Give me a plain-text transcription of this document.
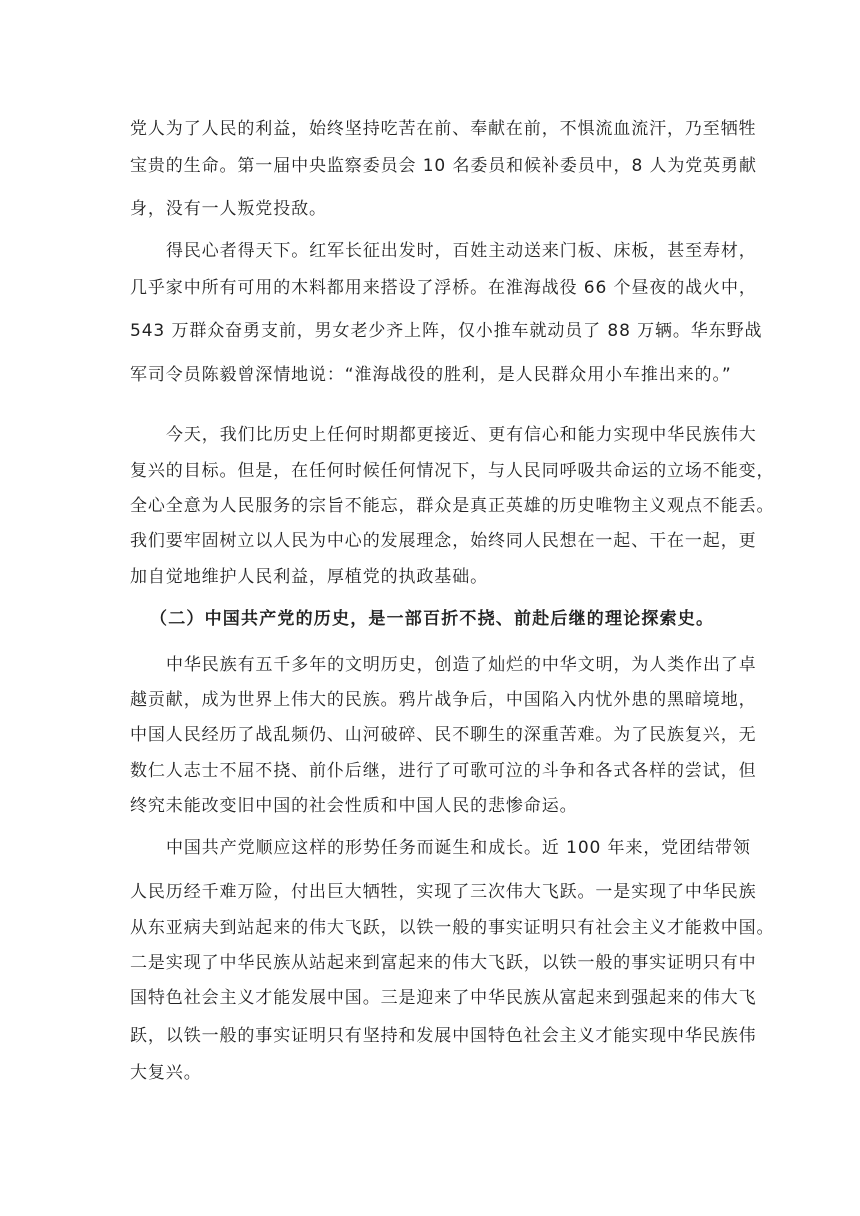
党人为了人民的利益，始终坚持吃苦在前、奉献在前，不惧流血流汗，乃至牺牲
宝贵的生命。第一届中央监察委员会 10 名委员和候补委员中，8 人为党英勇献
身，没有一人叛党投敌。
得民心者得天下。红军长征出发时，百姓主动送来门板、床板，甚至寿材，
几乎家中所有可用的木料都用来搭设了浮桥。在淮海战役 66 个昼夜的战火中，
543 万群众奋勇支前，男女老少齐上阵，仅小推车就动员了 88 万辆。华东野战
军司令员陈毅曾深情地说：“淮海战役的胜利，是人民群众用小车推出来的。”
今天，我们比历史上任何时期都更接近、更有信心和能力实现中华民族伟大
复兴的目标。但是，在任何时候任何情况下，与人民同呼吸共命运的立场不能变，
全心全意为人民服务的宗旨不能忘，群众是真正英雄的历史唯物主义观点不能丢。
我们要牢固树立以人民为中心的发展理念，始终同人民想在一起、干在一起，更
加自觉地维护人民利益，厚植党的执政基础。
（二）中国共产党的历史，是一部百折不挠、前赴后继的理论探索史。
中华民族有五千多年的文明历史，创造了灿烂的中华文明，为人类作出了卓
越贡献，成为世界上伟大的民族。鸦片战争后，中国陷入内忧外患的黑暗境地，
中国人民经历了战乱频仍、山河破碎、民不聊生的深重苦难。为了民族复兴，无
数仁人志士不屈不挠、前仆后继，进行了可歌可泣的斗争和各式各样的尝试，但
终究未能改变旧中国的社会性质和中国人民的悲惨命运。
中国共产党顺应这样的形势任务而诞生和成长。近 100 年来，党团结带领
人民历经千难万险，付出巨大牺牲，实现了三次伟大飞跃。一是实现了中华民族
从东亚病夫到站起来的伟大飞跃，以铁一般的事实证明只有社会主义才能救中国。
二是实现了中华民族从站起来到富起来的伟大飞跃，以铁一般的事实证明只有中
国特色社会主义才能发展中国。三是迎来了中华民族从富起来到强起来的伟大飞
跃，以铁一般的事实证明只有坚持和发展中国特色社会主义才能实现中华民族伟
大复兴。
